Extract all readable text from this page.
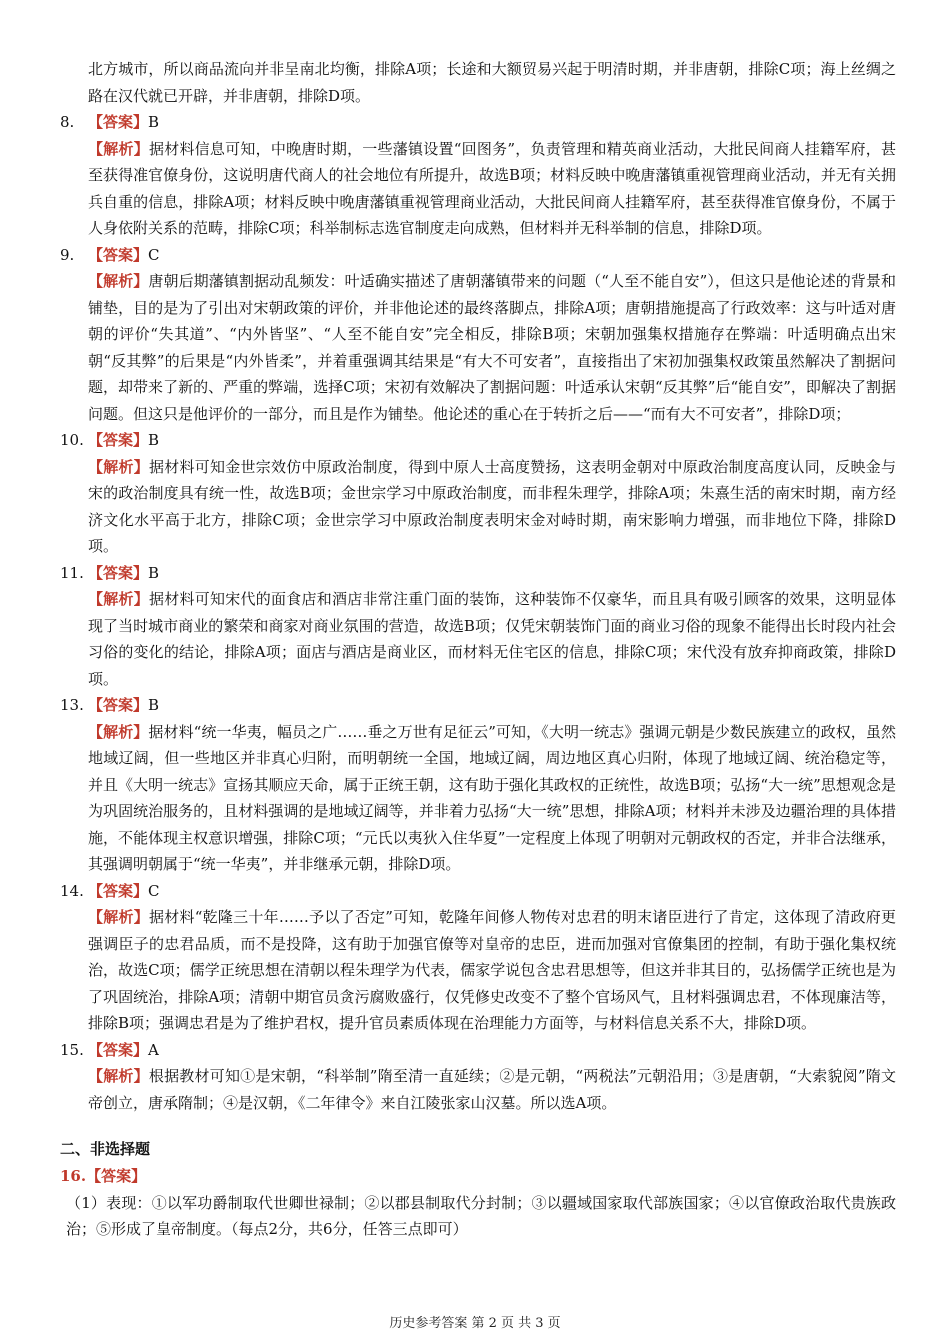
北方城市，所以商品流向并非呈南北均衡，排除A项；长途和大额贸易兴起于明清时期，并非唐朝，排除C项；海上丝绸之路在汉代就已开辟，并非唐朝，排除D项。

8. 【答案】B

【解析】据材料信息可知，中晚唐时期，一些藩镇设置“回图务”，负责管理和精英商业活动，大批民间商人挂籍军府，甚至获得准官僚身份，这说明唐代商人的社会地位有所提升，故选B项；材料反映中晚唐藩镇重视管理商业活动，并无有关拥兵自重的信息，排除A项；材料反映中晚唐藩镇重视管理商业活动，大批民间商人挂籍军府，甚至获得准官僚身份，不属于人身依附关系的范畴，排除C项；科举制标志选官制度走向成熟，但材料并无科举制的信息，排除D项。

9. 【答案】C

【解析】唐朝后期藩镇割据动乱频发：叶适确实描述了唐朝藩镇带来的问题（“人至不能自安”），但这只是他论述的背景和铺垫，目的是为了引出对宋朝政策的评价，并非他论述的最终落脚点，排除A项；唐朝措施提高了行政效率：这与叶适对唐朝的评价“失其道”、“内外皆坚”、“人至不能自安”完全相反，排除B项；宋朝加强集权措施存在弊端：叶适明确点出宋朝“反其弊”的后果是“内外皆柔”，并着重强调其结果是“有大不可安者”，直接指出了宋初加强集权政策虽然解决了割据问题，却带来了新的、严重的弊端，选择C项；宋初有效解决了割据问题：叶适承认宋朝“反其弊”后“能自安”，即解决了割据问题。但这只是他评价的一部分，而且是作为铺垫。他论述的重心在于转折之后——“而有大不可安者”，排除D项；

10. 【答案】B

【解析】据材料可知金世宗效仿中原政治制度，得到中原人士高度赞扬，这表明金朝对中原政治制度高度认同，反映金与宋的政治制度具有统一性，故选B项；金世宗学习中原政治制度，而非程朱理学，排除A项；朱熹生活的南宋时期，南方经济文化水平高于北方，排除C项；金世宗学习中原政治制度表明宋金对峙时期，南宋影响力增强，而非地位下降，排除D项。

11. 【答案】B

【解析】据材料可知宋代的面食店和酒店非常注重门面的装饰，这种装饰不仅豪华，而且具有吸引顾客的效果，这明显体现了当时城市商业的繁荣和商家对商业氛围的营造，故选B项；仅凭宋朝装饰门面的商业习俗的现象不能得出长时段内社会习俗的变化的结论，排除A项；面店与酒店是商业区，而材料无住宅区的信息，排除C项；宋代没有放弃抑商政策，排除D项。

13. 【答案】B

【解析】据材料“统一华夷，幅员之广……垂之万世有足征云”可知，《大明一统志》强调元朝是少数民族建立的政权，虽然地域辽阔，但一些地区并非真心归附，而明朝统一全国，地域辽阔，周边地区真心归附，体现了地域辽阔、统治稳定等，并且《大明一统志》宣扬其顺应天命，属于正统王朝，这有助于强化其政权的正统性，故选B项；弘扬“大一统”思想观念是为巩固统治服务的，且材料强调的是地域辽阔等，并非着力弘扬“大一统”思想，排除A项；材料并未涉及边疆治理的具体措施，不能体现主权意识增强，排除C项；“元氏以夷狄入住华夏”一定程度上体现了明朝对元朝政权的否定，并非合法继承，其强调明朝属于“统一华夷”，并非继承元朝，排除D项。

14. 【答案】C

【解析】据材料“乾隆三十年……予以了否定”可知，乾隆年间修人物传对忠君的明末诸臣进行了肯定，这体现了清政府更强调臣子的忠君品质，而不是投降，这有助于加强官僚等对皇帝的忠臣，进而加强对官僚集团的控制，有助于强化集权统治，故选C项；儒学正统思想在清朝以程朱理学为代表，儒家学说包含忠君思想等，但这并非其目的，弘扬儒学正统也是为了巩固统治，排除A项；清朝中期官员贪污腐败盛行，仅凭修史改变不了整个官场风气，且材料强调忠君，不体现廉洁等，排除B项；强调忠君是为了维护君权，提升官员素质体现在治理能力方面等，与材料信息关系不大，排除D项。

15. 【答案】A

【解析】根据教材可知①是宋朝，“科举制”隋至清一直延续；②是元朝，“两税法”元朝沿用；③是唐朝，“大索貌阅”隋文帝创立，唐承隋制；④是汉朝，《二年律令》来自江陵张家山汉墓。所以选A项。

二、非选择题

16.【答案】

（1）表现：①以军功爵制取代世卿世禄制；②以郡县制取代分封制；③以疆域国家取代部族国家；④以官僚政治取代贵族政治；⑤形成了皇帝制度。（每点2分，共6分，任答三点即可）

历史参考答案 第 2 页 共 3 页
